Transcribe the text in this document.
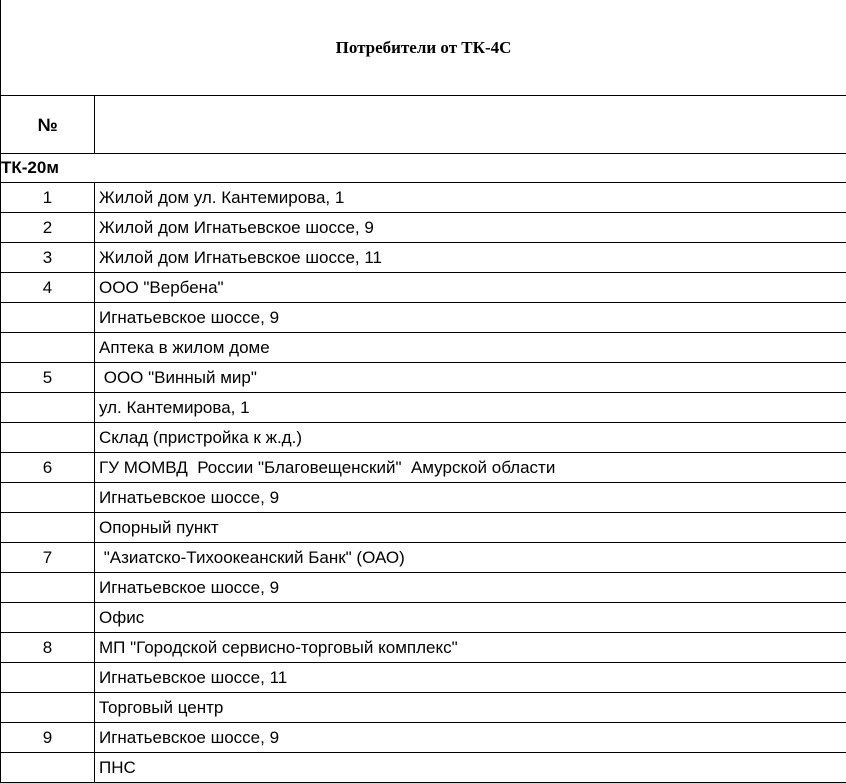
Потребители от ТК-4С	
№	
ТК-20м	
1	Жилой дом ул. Кантемирова, 1
2	Жилой дом Игнатьевское шоссе, 9
3	Жилой дом Игнатьевское шоссе, 11
4	ООО "Вербена"
	Игнатьевское шоссе, 9
	Аптека в жилом доме
5	ООО "Винный мир"
	ул. Кантемирова, 1
	Склад (пристройка к ж.д.)
6	ГУ МОМВД  России "Благовещенский"  Амурской области
	Игнатьевское шоссе, 9
	Опорный пункт
7	"Азиатско-Тихоокеанский Банк" (ОАО)
	Игнатьевское шоссе, 9
	Офис
8	МП "Городской сервисно-торговый комплекс"
	Игнатьевское шоссе, 11
	Торговый центр
9	Игнатьевское шоссе, 9
	ПНС
